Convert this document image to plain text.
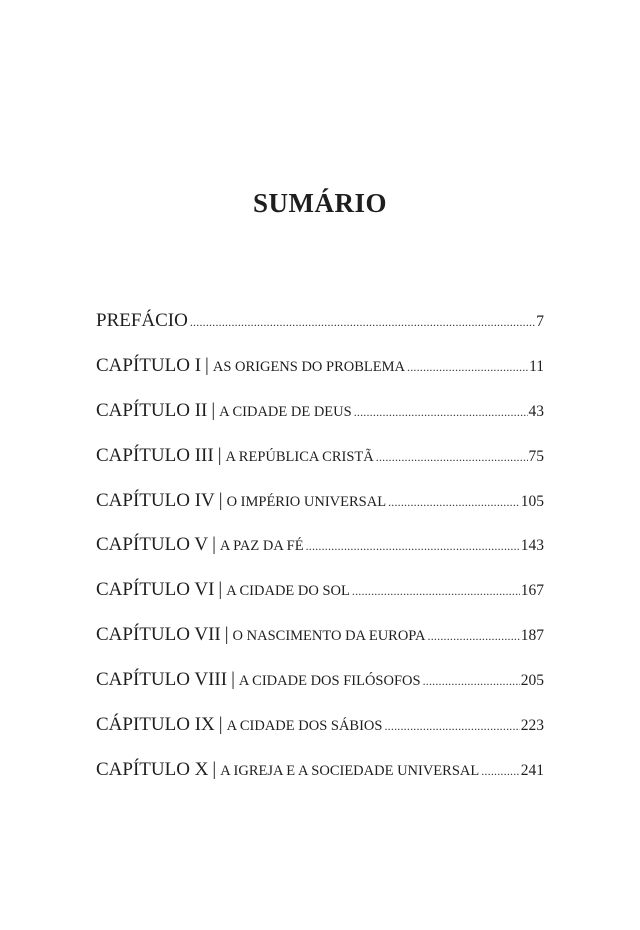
SUMÁRIO
PREFÁCIO .....	7
CAPÍTULO I | AS ORIGENS DO PROBLEMA .....	11
CAPÍTULO II | A CIDADE DE DEUS .....	43
CAPÍTULO III | A REPÚBLICA CRISTÃ .....	75
CAPÍTULO IV | O IMPÉRIO UNIVERSAL .....	105
CAPÍTULO V | A PAZ DA FÉ .....	143
CAPÍTULO VI | A CIDADE DO SOL .....	167
CAPÍTULO VII | O NASCIMENTO DA EUROPA .....	187
CAPÍTULO VIII | A CIDADE DOS FILÓSOFOS .....	205
CÁPITULO IX | A CIDADE DOS SÁBIOS .....	223
CAPÍTULO X | A IGREJA E A SOCIEDADE UNIVERSAL .....	241
